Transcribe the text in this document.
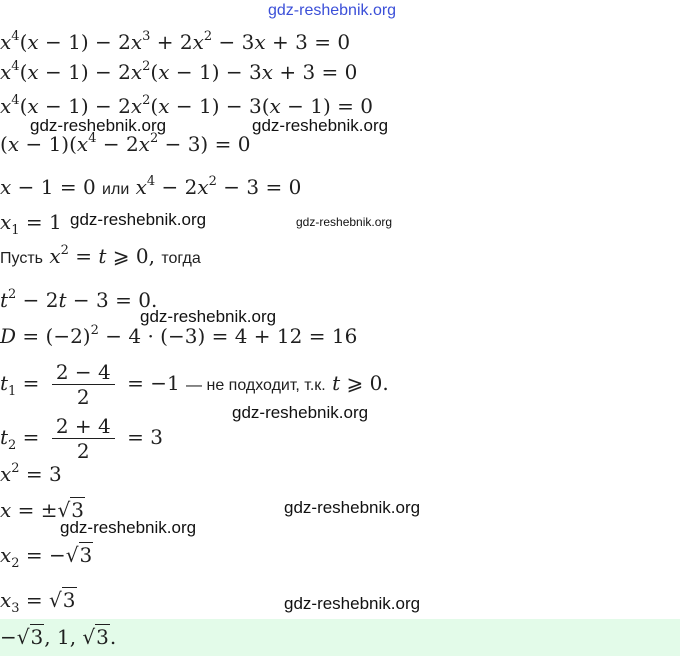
gdz-reshebnik.org
$x^4(x - 1) - 2x^3 + 2x^2 - 3x + 3 = 0$
$x^4(x - 1) - 2x^2(x - 1) - 3x + 3 = 0$
$x^4(x - 1) - 2x^2(x - 1) - 3(x - 1) = 0$
gdz-reshebnik.org	gdz-reshebnik.org
$(x - 1)(x^4 - 2x^2 - 3) = 0$
x − 1 = 0 или $x^4 - 2x^2 - 3 = 0$
$x_1 = 1$ gdz-reshebnik.org	gdz-reshebnik.org
Пусть $x^2 = t$ ⩾ 0, тогда
$t^2 - 2t - 3 = 0$.
gdz-reshebnik.org
$D = (-2)^2 - 4 \cdot (-3) = 4 + 12 = 16$
$t_1 = \frac{2 - 4}{2} = -1$ — не подходит, т.к. t ⩾ 0.
gdz-reshebnik.org
$t_2 = \frac{2 + 4}{2} = 3$
$x^2 = 3$
x = ±√3	gdz-reshebnik.org
gdz-reshebnik.org
$x_2 = -√3$
$x_3 = √3$	gdz-reshebnik.org
−√3, 1, √3.
